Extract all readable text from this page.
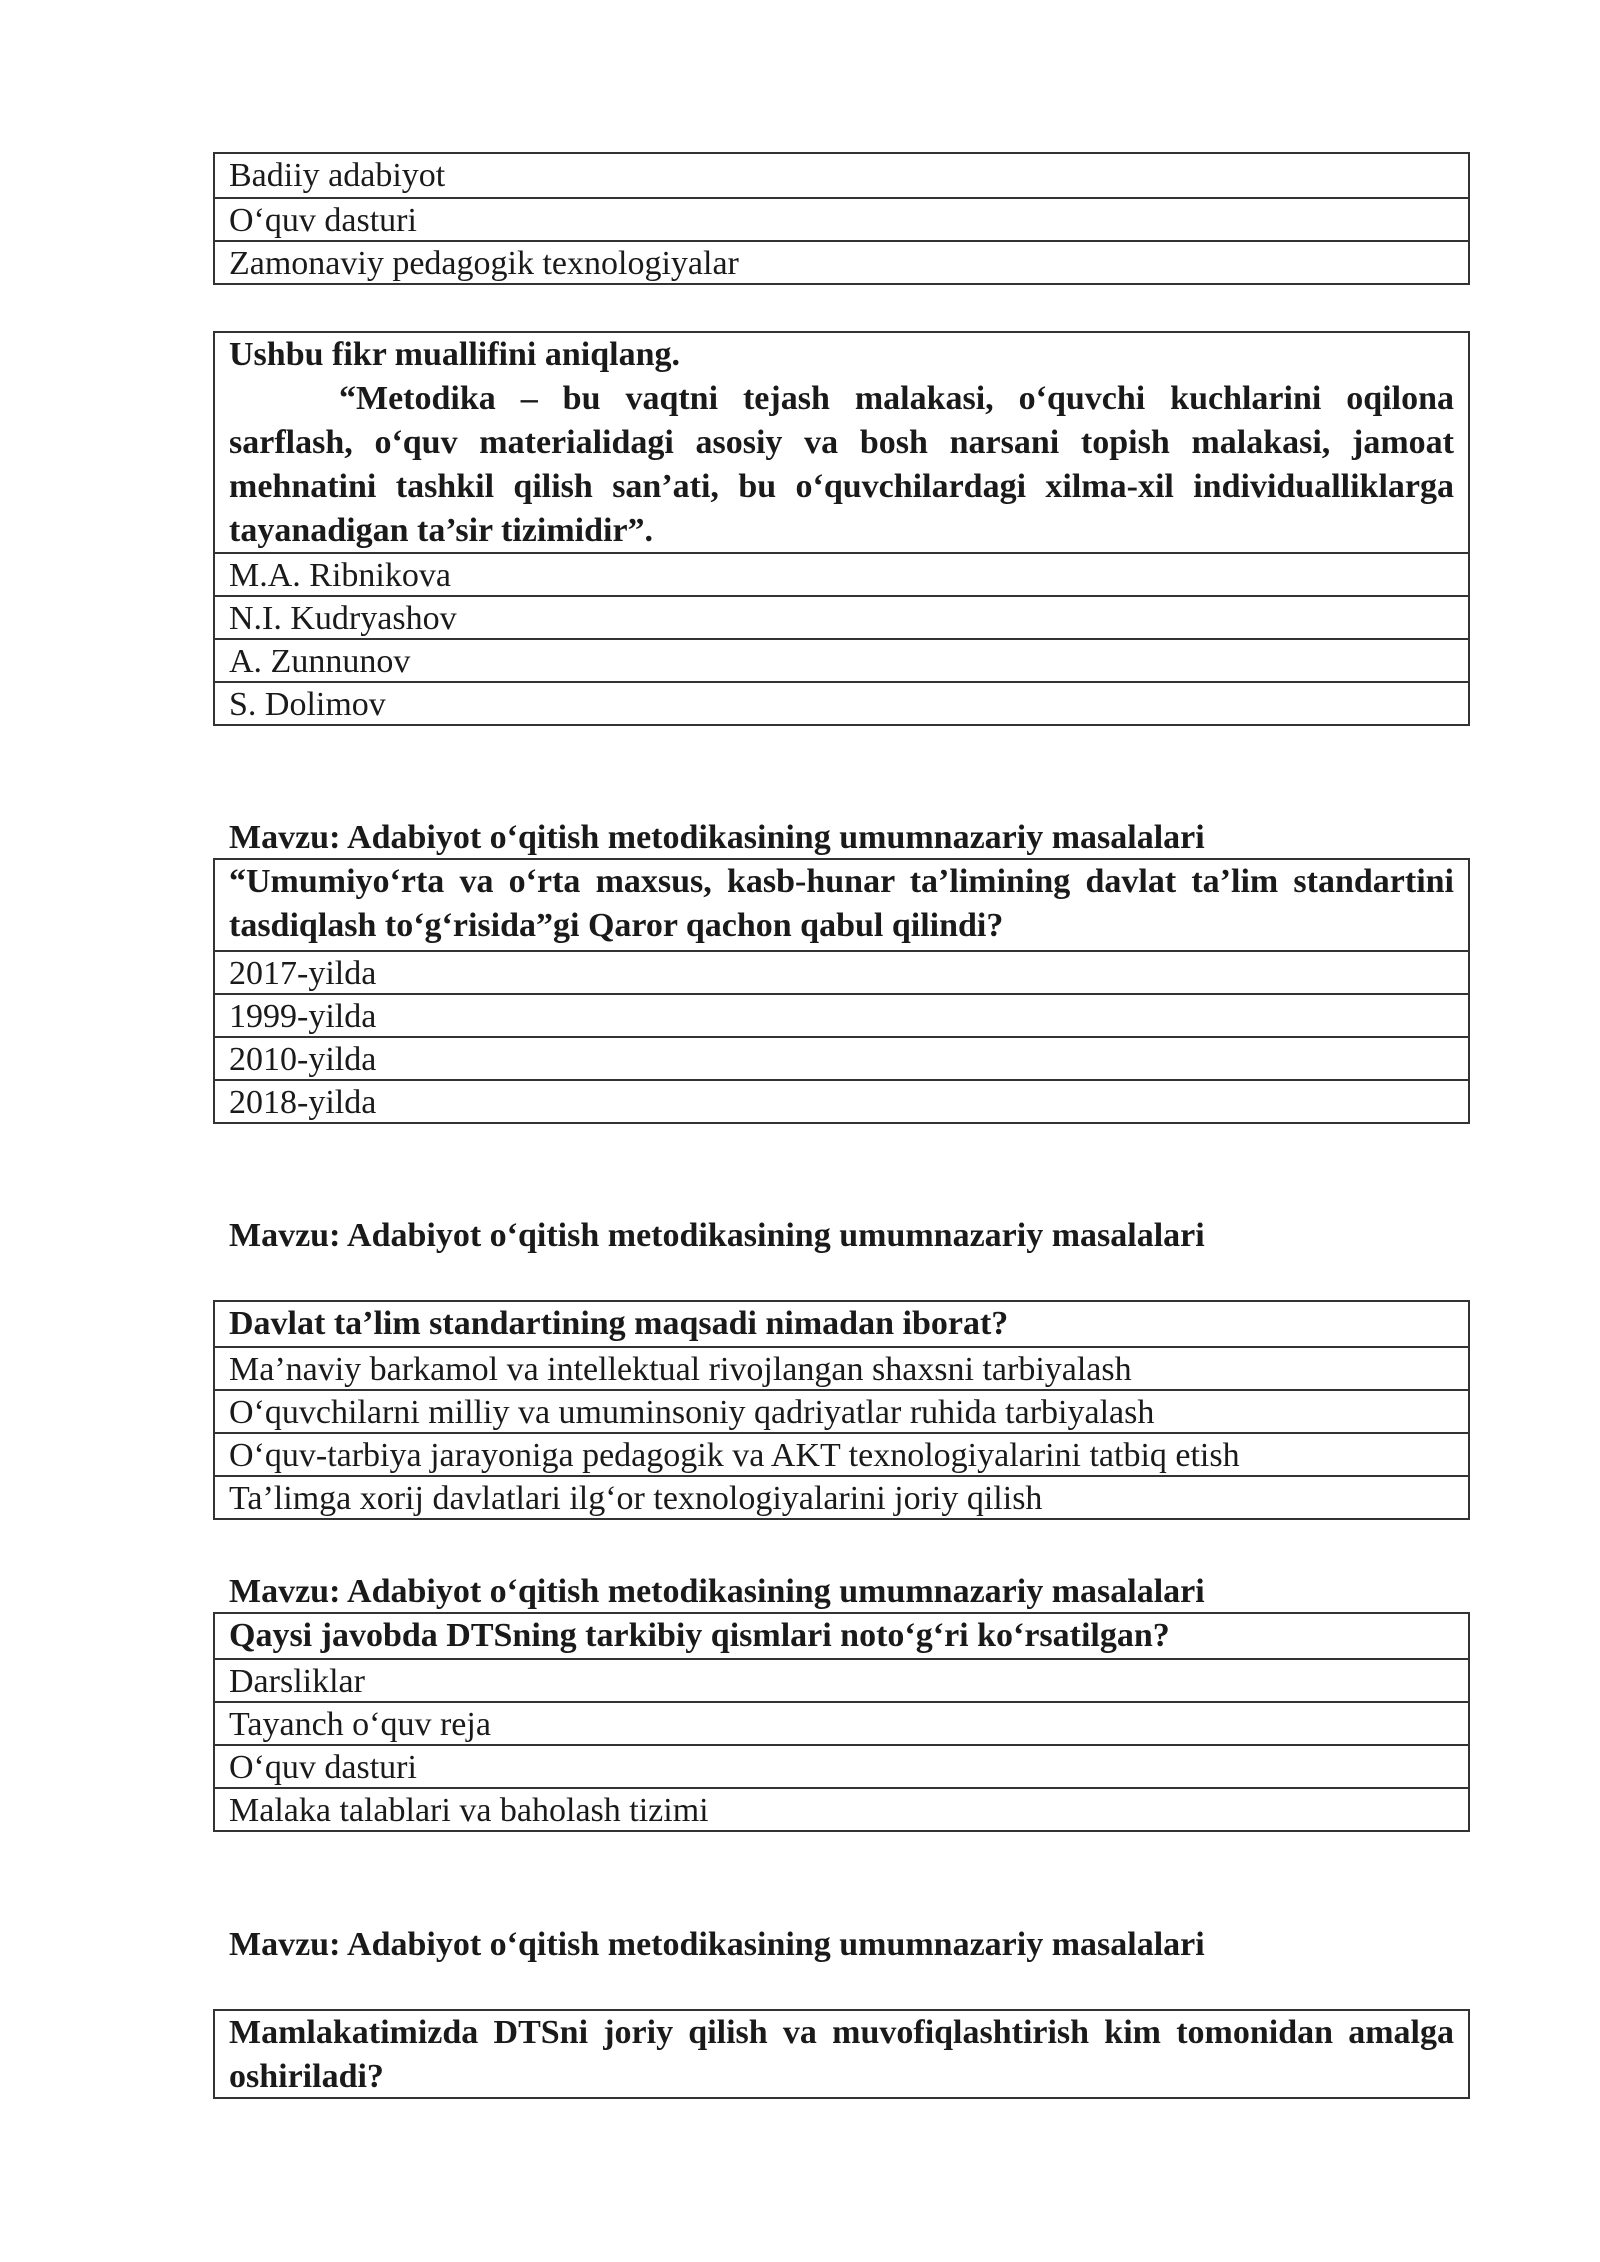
Badiiy adabiyot
O‘quv dasturi
Zamonaviy pedagogik texnologiyalar
Ushbu fikr muallifini aniqlang.
“Metodika – bu vaqtni tejash malakasi, o‘quvchi kuchlarini oqilona sarflash, o‘quv materialidagi asosiy va bosh narsani topish malakasi, jamoat mehnatini tashkil qilish san’ati, bu o‘quvchilardagi xilma-xil individualliklarga tayanadigan ta’sir tizimidir”.
M.A. Ribnikova
N.I. Kudryashov
A. Zunnunov
S. Dolimov
Mavzu: Adabiyot o‘qitish metodikasining umumnazariy masalalari
“Umumiyo‘rta va o‘rta maxsus, kasb-hunar ta’limining davlat ta’lim standartini tasdiqlash to‘g‘risida”gi Qaror qachon qabul qilindi?
2017-yilda
1999-yilda
2010-yilda
2018-yilda
Mavzu: Adabiyot o‘qitish metodikasining umumnazariy masalalari
Davlat ta’lim standartining maqsadi nimadan iborat?
Ma’naviy barkamol va intellektual rivojlangan shaxsni tarbiyalash
O‘quvchilarni milliy va umuminsoniy qadriyatlar ruhida tarbiyalash
O‘quv-tarbiya jarayoniga pedagogik va AKT texnologiyalarini tatbiq etish
Ta’limga xorij davlatlari ilg‘or texnologiyalarini joriy qilish
Mavzu: Adabiyot o‘qitish metodikasining umumnazariy masalalari
Qaysi javobda DTSning tarkibiy qismlari noto‘g‘ri ko‘rsatilgan?
Darsliklar
Tayanch o‘quv reja
O‘quv dasturi
Malaka talablari va baholash tizimi
Mavzu: Adabiyot o‘qitish metodikasining umumnazariy masalalari
Mamlakatimizda DTSni joriy qilish va muvofiqlashtirish kim tomonidan amalga oshiriladi?
